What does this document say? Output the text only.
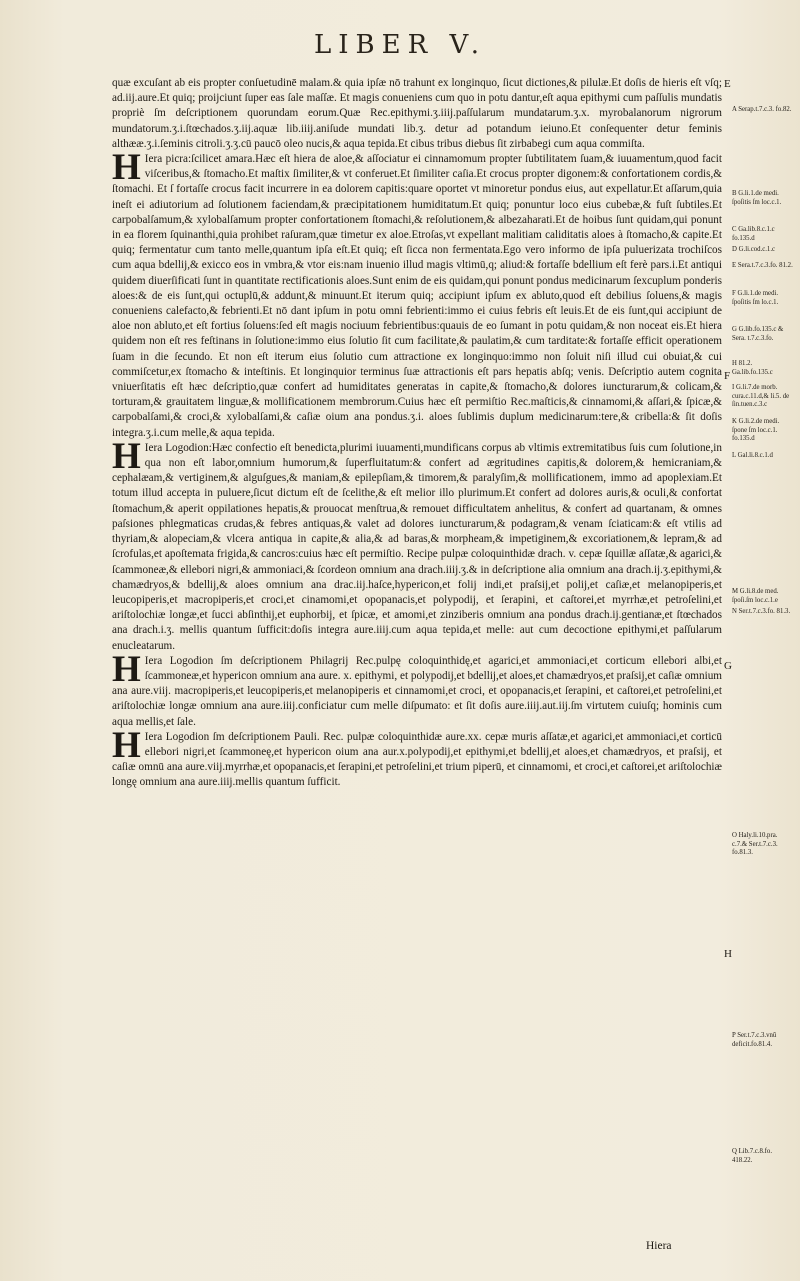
LIBER V.

quæ excuſant ab eis propter conſuetudinē malam.& quia ipſæ nō trahunt ex longinquo, ſicut dictiones,& pilulæ.Et doſis de hieris eſt vſq; ad.iij.aure.Et quiq; proijciunt ſuper eas ſale maſſæ. Et magis conueniens cum quo in potu dantur,eſt aqua epithymi cum paſſulis mundatis propriè ſm deſcriptionem quorundam eorum.Quæ Rec.epithymi.ʒ.iiij.paſſularum mundatarum.ʒ.x. myrobalanorum nigrorum mundatorum.ʒ.i.ſtœchados.ʒ.iij.aquæ lib.iiij.aniſude mundati lib.ʒ. detur ad potandum ieiuno.Et conſequenter detur feminis althææ.ʒ.i.ſeminis citroli.ʒ.ʒ.cū paucō oleo nucis,& aqua tepida.Et cibus tribus diebus ſit zirbabegi cum aqua commiſta.

H Iera picra:ſcilicet amara.Hæc eſt hiera de aloe,& aſſociatur ei cinnamomum propter ſubtilitatem ſuam,& iuuamentum,quod facit viſceribus,& ſtomacho.Et maſtix ſimiliter,& vt conferuet.Et ſimiliter caſia.Et crocus propter digonem:& confortationem cordis,& ſtomachi. Et ſ fortaſſe crocus facit incurrere in ea dolorem capitis:quare oportet vt minoretur pondus eius, aut expellatur.Et aſſarum,quia ineſt ei adiutorium ad ſolutionem faciendam,& præcipitationem humiditatum.Et quiq; ponuntur loco eius cubebæ,& fuſt ſubtiles.Et carpobalſamum,& xylobalſamum propter confortationem ſtomachi,& reſolutionem,& albezaharati.Et de hoibus ſunt quidam,qui ponunt in ea florem ſquinanthi,quia prohibet raſuram,quæ timetur ex aloe.Etroſas,vt expellant malitiam caliditatis aloes à ſtomacho,& capite.Et quiq; fermentatur cum tanto melle,quantum ipſa eſt.Et quiq; eſt ſicca non fermentata.Ego vero informo de ipſa puluerizata trochiſcos cum aqua bdellij,& exicco eos in vmbra,& vtor eis:nam inuenio illud magis vltimū,q; aliud:& fortaſſe bdellium eſt ferè pars.i.Et antiqui quidem diuerſificati ſunt in quantitate rectificationis aloes.Sunt enim de eis quidam,qui ponunt pondus medicinarum ſexcuplum ponderis aloes:& de eis ſunt,qui octuplū,& addunt,& minuunt.Et iterum quiq; accipiunt ipſum ex abluto,quod eſt debilius ſoluens,& magis conueniens calefacto,& febrienti.Et nō dant ipſum in potu omni febrienti:immo ei cuius febris eſt leuis.Et de eis ſunt,qui accipiunt de aloe non abluto,et eſt fortius ſoluens:ſed eſt magis nociuum febrientibus:quauis de eo ſumant in potu quidam,& non noceat eis.Et hiera quidem non eſt res feſtinans in ſolutione:immo eius ſolutio ſit cum facilitate,& paulatim,& cum tarditate:& fortaſſe efficit operationem ſuam in die ſecundo. Et non eſt iterum eius ſolutio cum attractione ex longinquo:immo non ſoluit niſi illud cui obuiat,& cui commiſcetur,ex ſtomacho & inteſtinis. Et longinquior terminus ſuæ attractionis eſt pars hepatis abſq; venis. Deſcriptio autem cognita vniuerſitatis eſt hæc deſcriptio,quæ confert ad humiditates generatas in capite,& ſtomacho,& dolores iuncturarum,& colicam,& torturam,& grauitatem linguæ,& mollificationem membrorum.Cuius hæc eſt permiſtio Rec.maſticis,& cinnamomi,& aſſari,& ſpicæ,& carpobalſami,& croci,& xylobalſami,& caſiæ oium ana pondus.ʒ.i. aloes ſublimis duplum medicinarum:tere,& cribella:& ſit doſis integra.ʒ.i.cum melle,& aqua tepida.

H Iera Logodion:Hæc confectio eſt benedicta,plurimi iuuamenti,mundificans corpus ab vltimis extremitatibus ſuis cum ſolutione,in qua non eſt labor,omnium humorum,& ſuperfluitatum:& confert ad ægritudines capitis,& dolorem,& hemicraniam,& cephalæam,& vertiginem,& alguſgues,& maniam,& epilepſiam,& timorem,& paralyſim,& mollificationem, immo ad apoplexiam.Et totum illud accepta in puluere,ſicut dictum eſt de ſcelithe,& eſt melior illo plurimum.Et confert ad dolores auris,& oculi,& confortat ſtomachum,& aperit oppilationes hepatis,& prouocat menſtrua,& remouet difficultatem anhelitus, & confert ad quartanam, & omnes paſsiones phlegmaticas crudas,& febres antiquas,& valet ad dolores iuncturarum,& podagram,& venam ſciaticam:& eſt vtilis ad thyriam,& alopeciam,& vlcera antiqua in capite,& alia,& ad baras,& morpheam,& impetiginem,& excoriationem,& lepram,& ad ſcrofulas,et apoſtemata frigida,& cancros:cuius hæc eſt permiſtio. Recipe pulpæ coloquinthidæ drach. v. cepæ ſquillæ aſſatæ,& agarici,& ſcammoneæ,& ellebori nigri,& ammoniaci,& ſcordeon omnium ana drach.iiij.ʒ.& in deſcriptione alia omnium ana drach.ij.ʒ.epithymi,& chamædryos,& bdellij,& aloes omnium ana drac.iij.haſce,hypericon,et folij indi,et praſsij,et polij,et caſiæ,et melanopiperis,et leucopiperis,et macropiperis,et croci,et cinamomi,et opopanacis,et polypodij, et ſerapini, et caſtorei,et myrrhæ,et petroſelini,et ariſtolochiæ longæ,et ſucci abſinthij,et euphorbij, et ſpicæ, et amomi,et zinziberis omnium ana pondus drach.ij.gentianæ,et ſtœchados ana drach.i.ʒ. mellis quantum ſufficit:doſis integra aure.iiij.cum aqua tepida,et melle: aut cum decoctione epithymi,et paſſularum enucleatarum.

H Iera Logodion ſm deſcriptionem Philagrij Rec.pulpę coloquinthidę,et agarici,et ammoniaci,et corticum ellebori albi,et ſcammoneæ,et hypericon omnium ana aure. x. epithymi, et polypodij,et bdellij,et aloes,et chamædryos,et praſsij,et caſiæ omnium ana aure.viij. macropiperis,et leucopiperis,et melanopiperis et cinnamomi,et croci, et opopanacis,et ſerapini, et caſtorei,et petroſelini,et ariſtolochiæ longæ omnium ana aure.iiij.conficiatur cum melle diſpumato: et ſit doſis aure.iiij.aut.iij.ſm virtutem cuiuſq; hominis cum aqua mellis,et ſale.

H Iera Logodion ſm deſcriptionem Pauli. Rec. pulpæ coloquinthidæ aure.xx. cepæ muris aſſatæ,et agarici,et ammoniaci,et corticū ellebori nigri,et ſcammoneę,et hypericon oium ana aur.x.polypodij,et epithymi,et bdellij,et aloes,et chamædryos, et praſsij, et caſiæ omnū ana aure.viij.myrrhæ,et opopanacis,et ſerapini,et petroſelini,et trium piperū, et cinnamomi, et croci,et caſtorei,et ariſtolochiæ longę omnium ana aure.iiij.mellis quantum ſufficit.

E
F
G
H
A Serap.t.7.c.3. fo.82.
B G.li.1.de medi. ſpoſitis ſm loc.c.1.
C Ga.lib.8.c.1.c fo.135.d
D G.li.cod.c.1.c
E Sera.t.7.c.3.fo. 81.2.
F G.li.1.de medi. ſpoſitis ſm lo.c.1.
G G.lib.fo.135.c & Sera. t.7.c.3.fo.
H 81.2. Ga.lib.fo.135.c
I G.li.7.de morb. cura.c.11.d,& li.5. de ſin.tuen.c.3.c
K G.li.2.de medi. ſpone ſm loc.c.1. fo.135.d
L Gal.li.8.c.1.d
M G.li.8.de med. ſpoſi.ſm loc.c.1.e
N Ser.t.7.c.3.fo. 81.3.
O Haly.li.10.pra. c.7.& Ser.t.7.c.3. fo.81.3.
P Ser.t.7.c.3.vnū deficit.fo.81.4.
Q Lib.7.c.8.fo. 418.22.
Hiera
